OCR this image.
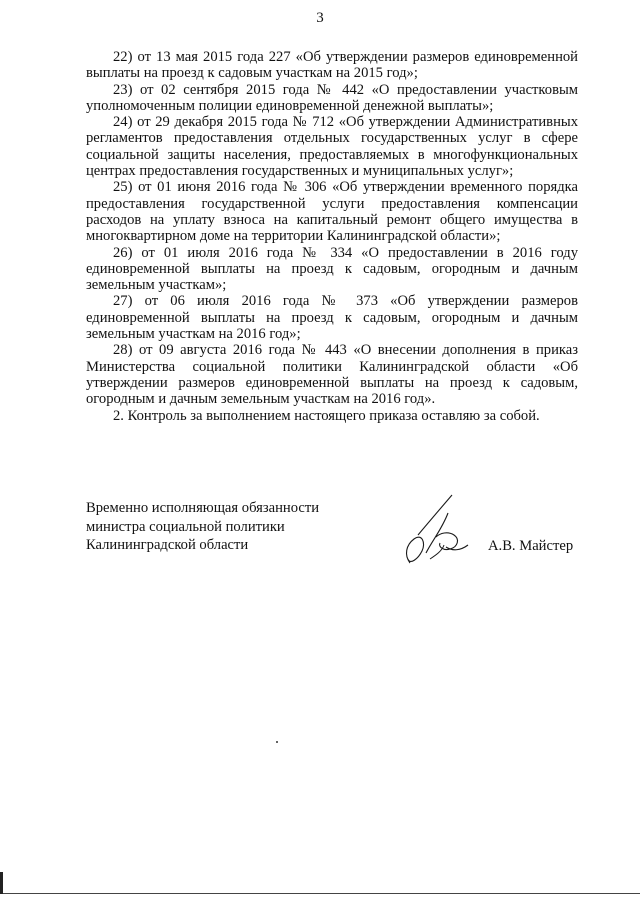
3

22) от 13 мая 2015 года 227 «Об утверждении размеров единовременной выплаты на проезд к садовым участкам на 2015 год»;

23) от 02 сентября 2015 года № 442 «О предоставлении участковым уполномоченным полиции единовременной денежной выплаты»;

24) от 29 декабря 2015 года № 712 «Об утверждении Административных регламентов предоставления отдельных государственных услуг в сфере социальной защиты населения, предоставляемых в многофункциональных центрах предоставления государственных и муниципальных услуг»;

25) от 01 июня 2016 года № 306 «Об утверждении временного порядка предоставления государственной услуги предоставления компенсации расходов на уплату взноса на капитальный ремонт общего имущества в многоквартирном доме на территории Калининградской области»;

26) от 01 июля 2016 года № 334 «О предоставлении в 2016 году единовременной выплаты на проезд к садовым, огородным и дачным земельным участкам»;

27) от 06 июля 2016 года № 373 «Об утверждении размеров единовременной выплаты на проезд к садовым, огородным и дачным земельным участкам на 2016 год»;

28) от 09 августа 2016 года № 443 «О внесении дополнения в приказ Министерства социальной политики Калининградской области «Об утверждении размеров единовременной выплаты на проезд к садовым, огородным и дачным земельным участкам на 2016 год».

2. Контроль за выполнением настоящего приказа оставляю за собой.

Временно исполняющая обязанности
министра социальной политики
Калининградской области	А.В. Майстер
